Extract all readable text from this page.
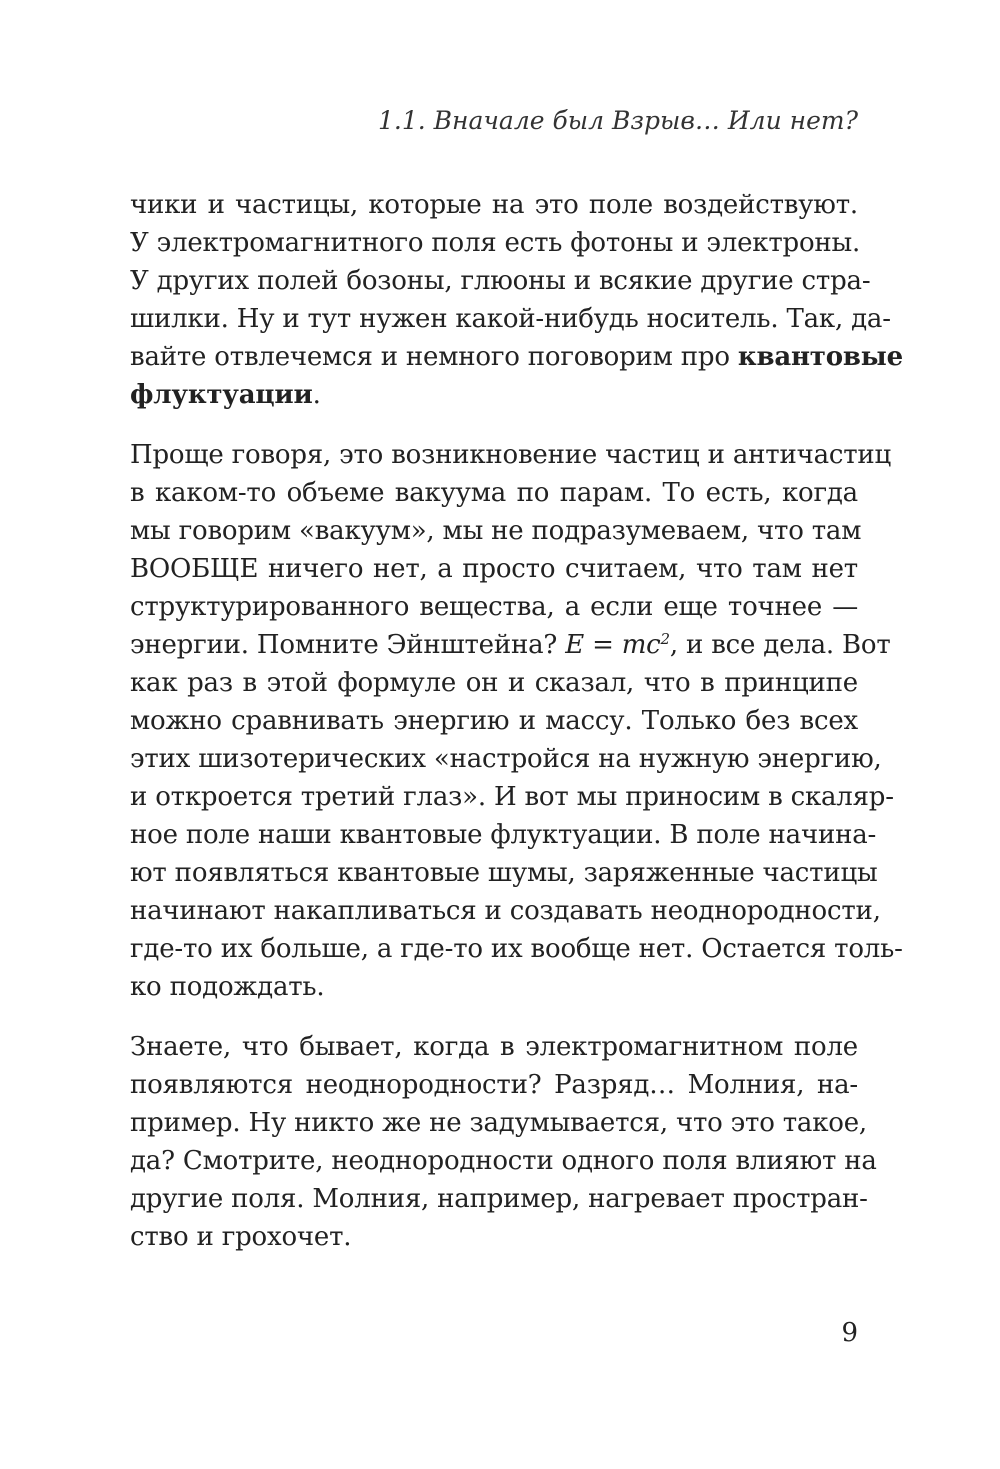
1.1. Вначале был Взрыв… Или нет?
чики и частицы, которые на это поле воздействуют.
У электромагнитного поля есть фотоны и электроны.
У других полей бозоны, глюоны и всякие другие стра-
шилки. Ну и тут нужен какой-нибудь носитель. Так, да-
вайте отвлечемся и немного поговорим про квантовые
флуктуации.
Проще говоря, это возникновение частиц и античастиц
в каком-то объеме вакуума по парам. То есть, когда
мы говорим «вакуум», мы не подразумеваем, что там
ВООБЩЕ ничего нет, а просто считаем, что там нет
структурированного вещества, а если еще точнее —
энергии. Помните Эйнштейна? $E = mc^2$, и все дела. Вот
как раз в этой формуле он и сказал, что в принципе
можно сравнивать энергию и массу. Только без всех
этих шизотерических «настройся на нужную энергию,
и откроется третий глаз». И вот мы приносим в скаляр-
ное поле наши квантовые флуктуации. В поле начина-
ют появляться квантовые шумы, заряженные частицы
начинают накапливаться и создавать неоднородности,
где-то их больше, а где-то их вообще нет. Остается толь-
ко подождать.
Знаете, что бывает, когда в электромагнитном поле
появляются неоднородности? Разряд… Молния, на-
пример. Ну никто же не задумывается, что это такое,
да? Смотрите, неоднородности одного поля влияют на
другие поля. Молния, например, нагревает простран-
ство и грохочет.
9
